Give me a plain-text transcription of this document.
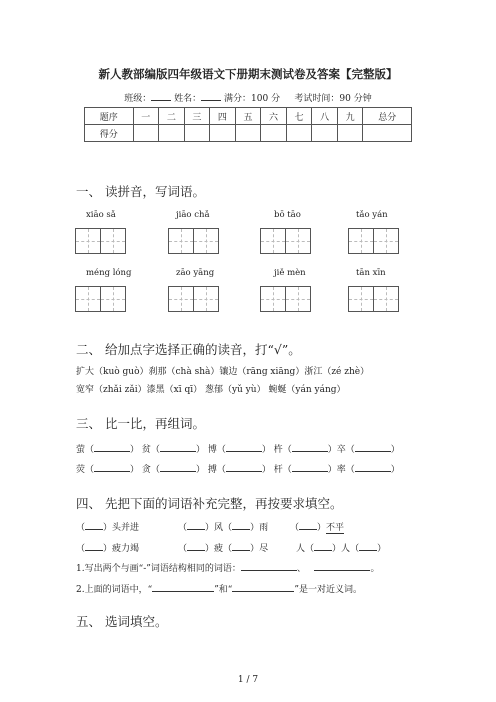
新人教部编版四年级语文下册期末测试卷及答案【完整版】
班级：	姓名：	满分：100 分 考试时间：90 分钟
题序	一	二	三	四	五	六	七	八	九	总分
得分										
一、 读拼音，写词语。
xiāo sǎ	jiāo chǎ	bō tāo	tǎo yán
méng lóng	zāo yāng	jiě mèn	tān xīn
二、 给加点字选择正确的读音，打“√”。
扩大（kuò guò）刹那（chà shà）镶边（rāng xiāng）浙江（zé zhè）
宽窄（zhǎi zǎi）漆黑（xī qī） 葱郁（yǔ yù） 蜿蜒（yán yáng）
三、 比一比，再组词。
萤（	） 贫（	） 博（	） 杵（	）卒（	）
荧（	） 贪（	） 搏（	） 杆（	）率（	）
四、 先把下面的词语补充完整，再按要求填空。
（ ）头并进	（ ）风（ ）雨 （ ）不平
（ ）疲力竭	（ ）疲（ ）尽	人（ ）人（ ）
1.写出两个与画“-”词语结构相同的词语：	、	。
2.上面的词语中，“	”和“	”是一对近义词。
五、 选词填空。
1 / 7
